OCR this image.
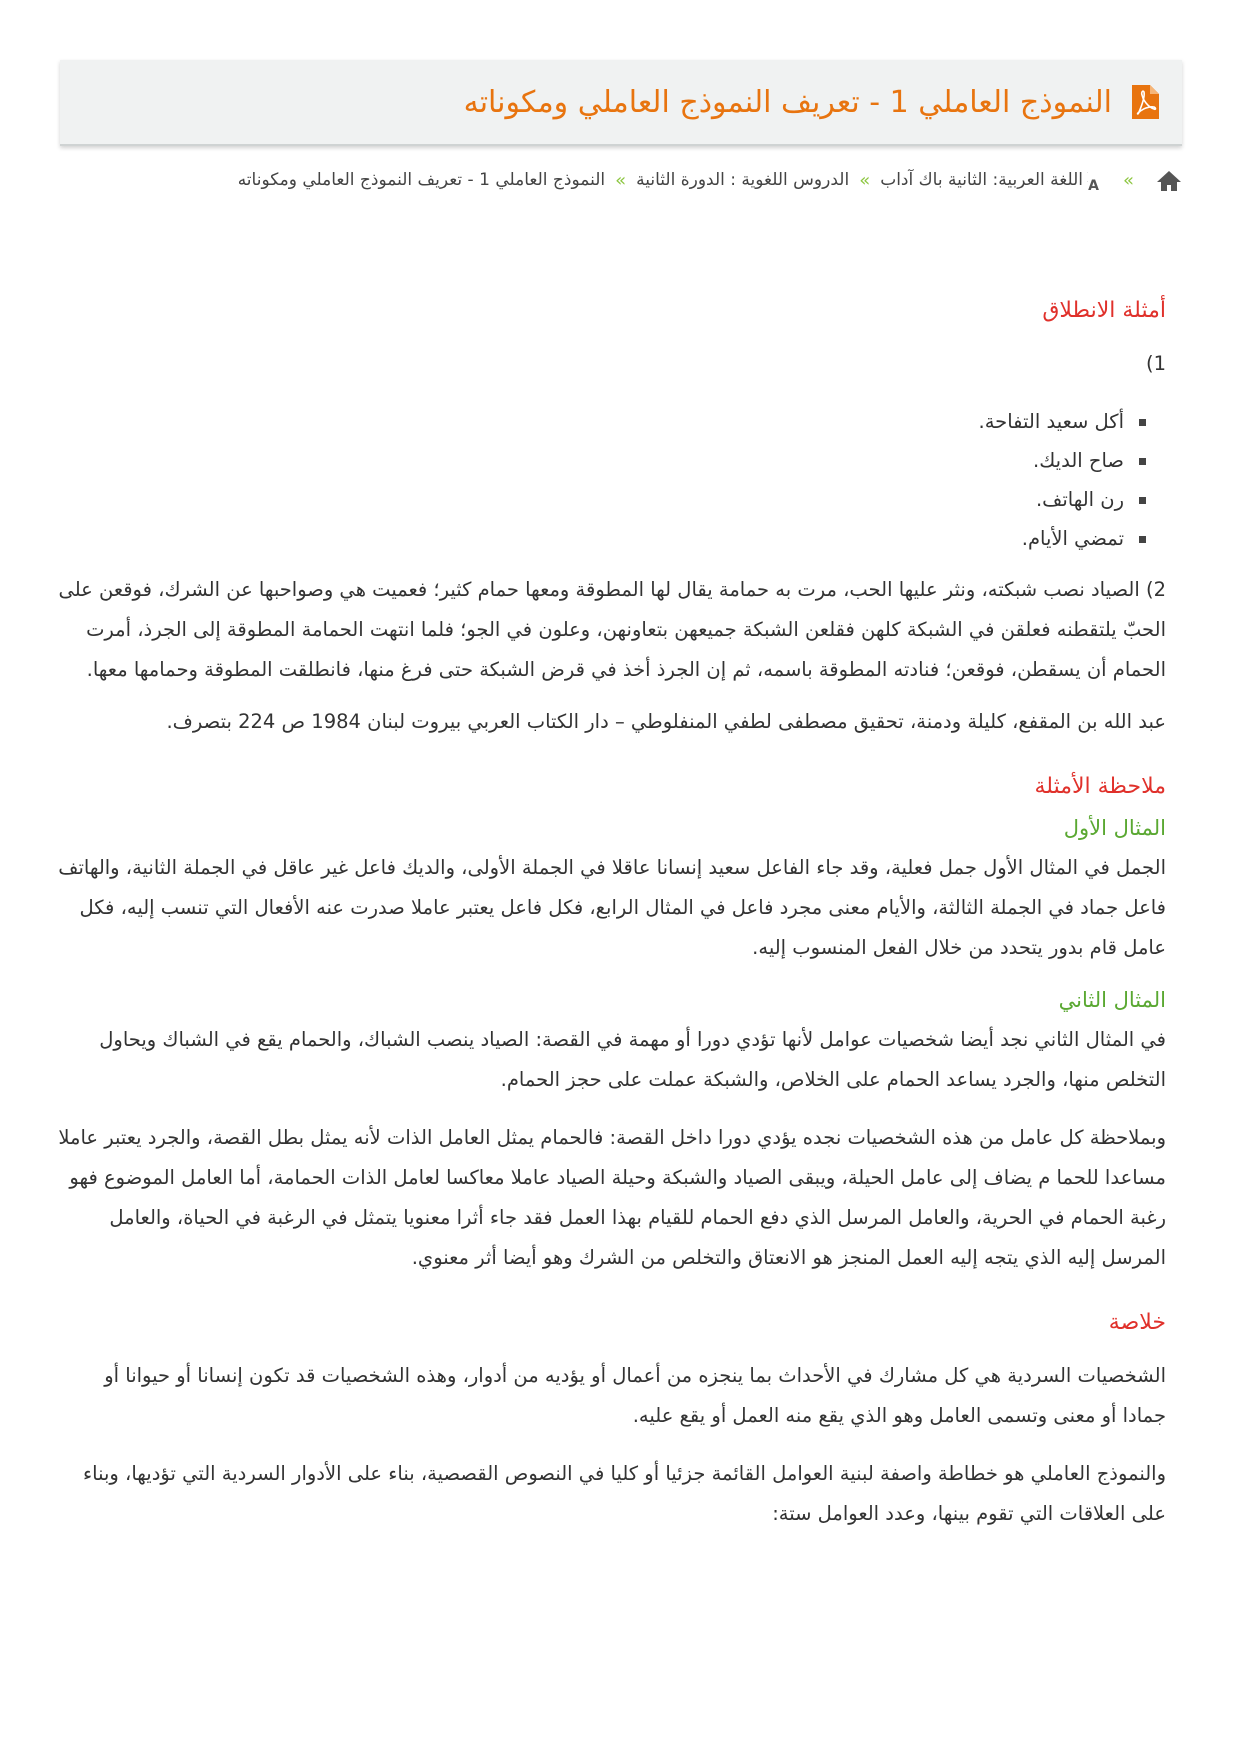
النموذج العاملي 1 - تعريف النموذج العاملي ومكوناته
»
A
اللغة العربية: الثانية باك آداب
»
الدروس اللغوية : الدورة الثانية
»
النموذج العاملي 1 - تعريف النموذج العاملي ومكوناته
أمثلة الانطلاق

1)

أكل سعيد التفاحة.
صاح الديك.
رن الهاتف.
تمضي الأيام.

2) الصياد نصب شبكته، ونثر عليها الحب، مرت به حمامة يقال لها المطوقة ومعها حمام كثير؛ فعميت هي وصواحبها عن الشرك، فوقعن على الحبّ يلتقطنه فعلقن في الشبكة كلهن فقلعن الشبكة جميعهن بتعاونهن، وعلون في الجو؛ فلما انتهت الحمامة المطوقة إلى الجرذ، أمرت الحمام أن يسقطن، فوقعن؛ فنادته المطوقة باسمه، ثم إن الجرذ أخذ في قرض الشبكة حتى فرغ منها، فانطلقت المطوقة وحمامها معها.

عبد الله بن المقفع، كليلة ودمنة، تحقيق مصطفى لطفي المنفلوطي – دار الكتاب العربي بيروت لبنان 1984 ص 224 بتصرف.

ملاحظة الأمثلة
المثال الأول

الجمل في المثال الأول جمل فعلية، وقد جاء الفاعل سعيد إنسانا عاقلا في الجملة الأولى، والديك فاعل غير عاقل في الجملة الثانية، والهاتف فاعل جماد في الجملة الثالثة، والأيام معنى مجرد فاعل في المثال الرابع، فكل فاعل يعتبر عاملا صدرت عنه الأفعال التي تنسب إليه، فكل عامل قام بدور يتحدد من خلال الفعل المنسوب إليه.

المثال الثاني

في المثال الثاني نجد أيضا شخصيات عوامل لأنها تؤدي دورا أو مهمة في القصة: الصياد ينصب الشباك، والحمام يقع في الشباك ويحاول التخلص منها، والجرد يساعد الحمام على الخلاص، والشبكة عملت على حجز الحمام.

وبملاحظة كل عامل من هذه الشخصيات نجده يؤدي دورا داخل القصة: فالحمام يمثل العامل الذات لأنه يمثل بطل القصة، والجرد يعتبر عاملا مساعدا للحما م يضاف إلى عامل الحيلة، ويبقى الصياد والشبكة وحيلة الصياد عاملا معاكسا لعامل الذات الحمامة، أما العامل الموضوع فهو رغبة الحمام في الحرية، والعامل المرسل الذي دفع الحمام للقيام بهذا العمل فقد جاء أثرا معنويا يتمثل في الرغبة في الحياة، والعامل المرسل إليه الذي يتجه إليه العمل المنجز هو الانعتاق والتخلص من الشرك وهو أيضا أثر معنوي.

خلاصة

الشخصيات السردية هي كل مشارك في الأحداث بما ينجزه من أعمال أو يؤديه من أدوار، وهذه الشخصيات قد تكون إنسانا أو حيوانا أو جمادا أو معنى وتسمى العامل وهو الذي يقع منه العمل أو يقع عليه.

والنموذج العاملي هو خطاطة واصفة لبنية العوامل القائمة جزئيا أو كليا في النصوص القصصية، بناء على الأدوار السردية التي تؤديها، وبناء على العلاقات التي تقوم بينها، وعدد العوامل ستة:
